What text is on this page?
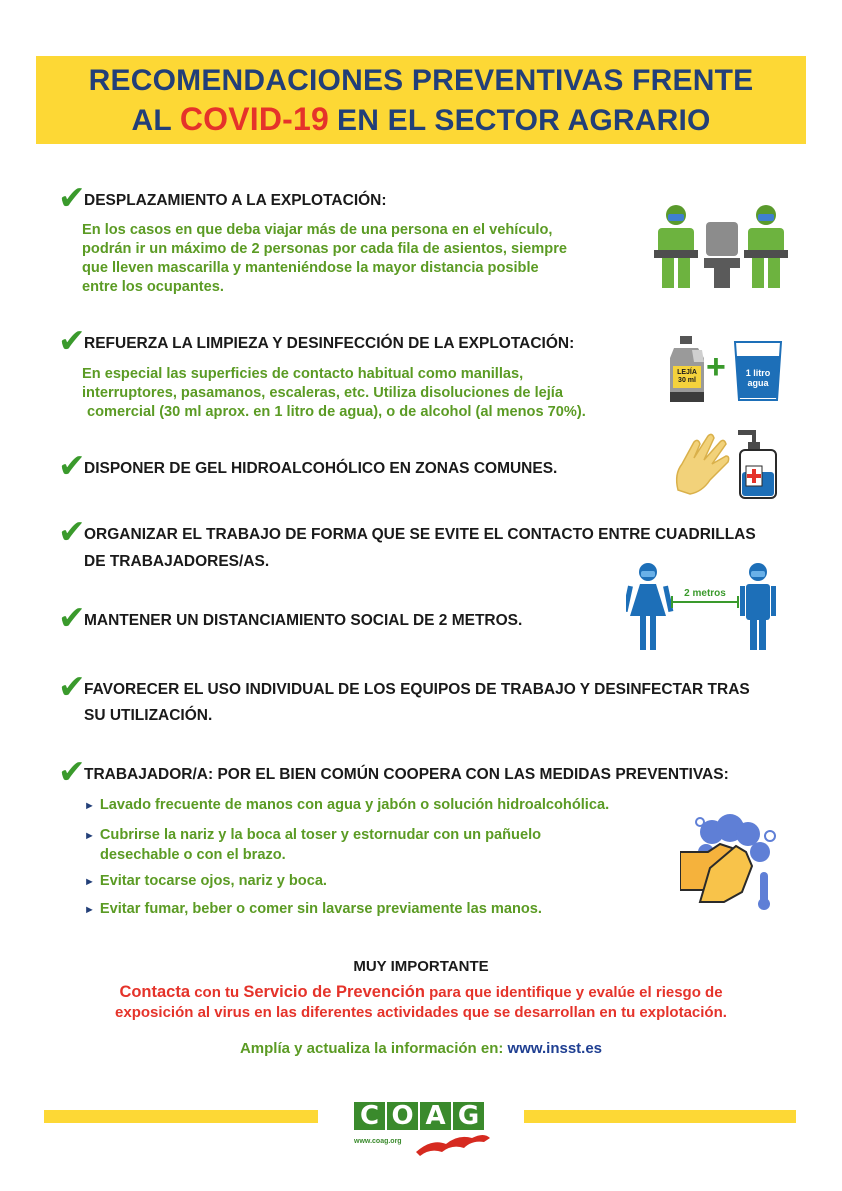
RECOMENDACIONES PREVENTIVAS FRENTE
AL COVID-19 EN EL SECTOR AGRARIO
✔
DESPLAZAMIENTO A LA EXPLOTACIÓN:
En los casos en que deba viajar más de una persona en el vehículo,
podrán ir un máximo de 2 personas por cada fila de asientos, siempre
que lleven mascarilla y manteniéndose la mayor distancia posible
entre los ocupantes.
✔
REFUERZA LA LIMPIEZA Y DESINFECCIÓN DE LA EXPLOTACIÓN:
En especial las superficies de contacto habitual como manillas,
interruptores, pasamanos, escaleras, etc. Utiliza disoluciones de lejía
comercial (30 ml aprox. en 1 litro de agua), o de alcohol (al menos 70%).
LEJÍA
30 ml +	1 litro
agua
✔
DISPONER DE GEL HIDROALCOHÓLICO EN ZONAS COMUNES.
✔
ORGANIZAR EL TRABAJO DE FORMA QUE SE EVITE EL CONTACTO ENTRE CUADRILLAS
DE TRABAJADORES/AS.
✔
MANTENER UN DISTANCIAMIENTO SOCIAL DE 2 METROS.
2 metros
✔
FAVORECER EL USO INDIVIDUAL DE LOS EQUIPOS DE TRABAJO Y DESINFECTAR TRAS
SU UTILIZACIÓN.
✔
TRABAJADOR/A: POR EL BIEN COMÚN COOPERA CON LAS MEDIDAS PREVENTIVAS:
► Lavado frecuente de manos con agua y jabón o solución hidroalcohólica.
► Cubrirse la nariz y la boca al toser y estornudar con un pañuelo
desechable o con el brazo.
► Evitar tocarse ojos, nariz y boca.
► Evitar fumar, beber o comer sin lavarse previamente las manos.
MUY IMPORTANTE
Contacta con tu Servicio de Prevención para que identifique y evalúe el riesgo de
exposición al virus en las diferentes actividades que se desarrollan en tu explotación.
Amplía y actualiza la información en: www.insst.es
C O A G
www.coag.org
